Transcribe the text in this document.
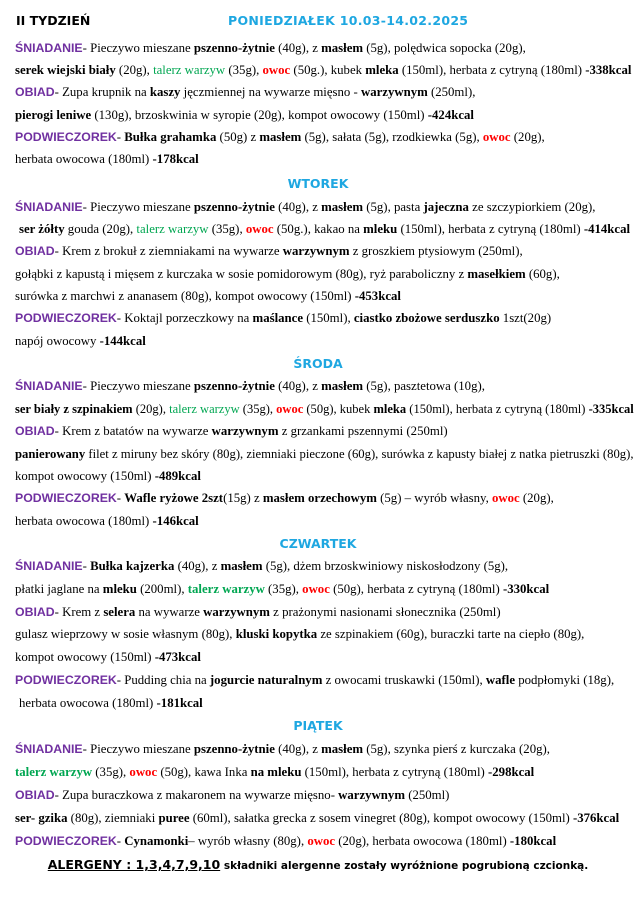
II TYDZIEŃ	PONIEDZIAŁEK 10.03-14.02.2025
ŚNIADANIE- Pieczywo mieszane pszenno-żytnie (40g), z masłem (5g), polędwica sopocka (20g),
serek wiejski biały (20g), talerz warzyw (35g), owoc (50g.), kubek mleka (150ml), herbata z cytryną (180ml) -338kcal
OBIAD- Zupa krupnik na kaszy jęczmiennej na wywarze mięsno - warzywnym (250ml),
pierogi leniwe (130g), brzoskwinia w syropie (20g), kompot owocowy (150ml) -424kcal
PODWIECZOREK- Bułka grahamka (50g) z masłem (5g), sałata (5g), rzodkiewka (5g), owoc (20g),
herbata owocowa (180ml) -178kcal
WTOREK
ŚNIADANIE- Pieczywo mieszane pszenno-żytnie (40g), z masłem (5g), pasta jajeczna ze szczypiorkiem (20g),
ser żółty gouda (20g), talerz warzyw (35g), owoc (50g.), kakao na mleku (150ml), herbata z cytryną (180ml) -414kcal
OBIAD- Krem z brokuł z ziemniakami na wywarze warzywnym z groszkiem ptysiowym (250ml),
gołąbki z kapustą i mięsem z kurczaka w sosie pomidorowym (80g), ryż paraboliczny z masełkiem (60g),
surówka z marchwi z ananasem (80g), kompot owocowy (150ml) -453kcal
PODWIECZOREK- Koktajl porzeczkowy na maślance (150ml), ciastko zbożowe serduszko 1szt(20g)
napój owocowy -144kcal
ŚRODA
ŚNIADANIE- Pieczywo mieszane pszenno-żytnie (40g), z masłem (5g), pasztetowa (10g),
ser biały z szpinakiem (20g), talerz warzyw (35g), owoc (50g), kubek mleka (150ml), herbata z cytryną (180ml) -335kcal
OBIAD- Krem z batatów na wywarze warzywnym z grzankami pszennymi (250ml)
panierowany filet z miruny bez skóry (80g), ziemniaki pieczone (60g), surówka z kapusty białej z natka pietruszki (80g),
kompot owocowy (150ml) -489kcal
PODWIECZOREK- Wafle ryżowe 2szt(15g) z masłem orzechowym (5g) – wyrób własny, owoc (20g),
herbata owocowa (180ml) -146kcal
CZWARTEK
ŚNIADANIE- Bułka kajzerka (40g), z masłem (5g), dżem brzoskwiniowy niskosłodzony (5g),
płatki jaglane na mleku (200ml), talerz warzyw (35g), owoc (50g), herbata z cytryną (180ml) -330kcal
OBIAD- Krem z selera na wywarze warzywnym z prażonymi nasionami słonecznika (250ml)
gulasz wieprzowy w sosie własnym (80g), kluski kopytka ze szpinakiem (60g), buraczki tarte na ciepło (80g),
kompot owocowy (150ml) -473kcal
PODWIECZOREK- Pudding chia na jogurcie naturalnym z owocami truskawki (150ml), wafle podpłomyki (18g),
herbata owocowa (180ml) -181kcal
PIĄTEK
ŚNIADANIE- Pieczywo mieszane pszenno-żytnie (40g), z masłem (5g), szynka pierś z kurczaka (20g),
talerz warzyw (35g), owoc (50g), kawa Inka na mleku (150ml), herbata z cytryną (180ml) -298kcal
OBIAD- Zupa buraczkowa z makaronem na wywarze mięsno- warzywnym (250ml)
ser- gzika (80g), ziemniaki puree (60ml), sałatka grecka z sosem vinegret (80g), kompot owocowy (150ml) -376kcal
PODWIECZOREK- Cynamonki– wyrób własny (80g), owoc (20g), herbata owocowa (180ml) -180kcal
ALERGENY : 1,3,4,7,9,10 składniki alergenne zostały wyróżnione pogrubioną czcionką.
